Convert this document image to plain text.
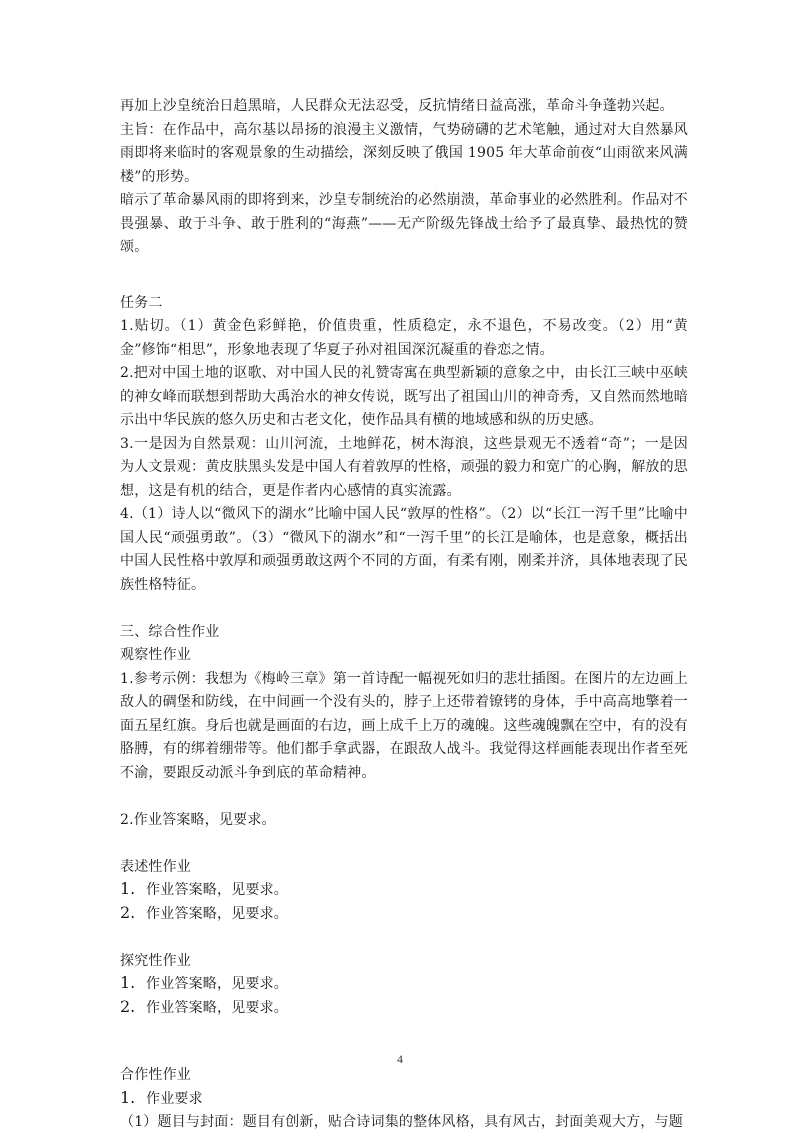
再加上沙皇统治日趋黑暗，人民群众无法忍受，反抗情绪日益高涨，革命斗争蓬勃兴起。

主旨：在作品中，高尔基以昂扬的浪漫主义激情，气势磅礴的艺术笔触，通过对大自然暴风雨即将来临时的客观景象的生动描绘，深刻反映了俄国 1905 年大革命前夜“山雨欲来风满楼”的形势。

暗示了革命暴风雨的即将到来，沙皇专制统治的必然崩溃，革命事业的必然胜利。作品对不畏强暴、敢于斗争、敢于胜利的“海燕”——无产阶级先锋战士给予了最真挚、最热忱的赞颂。

任务二

1.贴切。（1）黄金色彩鲜艳，价值贵重，性质稳定，永不退色，不易改变。（2）用“黄金”修饰“相思”，形象地表现了华夏子孙对祖国深沉凝重的眷恋之情。

2.把对中国土地的讴歌、对中国人民的礼赞寄寓在典型新颖的意象之中，由长江三峡中巫峡的神女峰而联想到帮助大禹治水的神女传说，既写出了祖国山川的神奇秀，又自然而然地暗示出中华民族的悠久历史和古老文化，使作品具有横的地域感和纵的历史感。

3.一是因为自然景观：山川河流，土地鲜花，树木海浪，这些景观无不透着“奇”；一是因为人文景观：黄皮肤黑头发是中国人有着敦厚的性格，顽强的毅力和宽广的心胸，解放的思想，这是有机的结合，更是作者内心感情的真实流露。

4.（1）诗人以“微风下的湖水”比喻中国人民“敦厚的性格”。（2）以“长江一泻千里”比喻中国人民“顽强勇敢”。（3）“微风下的湖水”和“一泻千里”的长江是喻体，也是意象，概括出中国人民性格中敦厚和顽强勇敢这两个不同的方面，有柔有刚，刚柔并济，具体地表现了民族性格特征。

三、综合性作业

观察性作业

1.参考示例：我想为《梅岭三章》第一首诗配一幅视死如归的悲壮插图。在图片的左边画上敌人的碉堡和防线，在中间画一个没有头的，脖子上还带着镣铐的身体，手中高高地擎着一面五星红旗。身后也就是画面的右边，画上成千上万的魂魄。这些魂魄飘在空中，有的没有胳膊，有的绑着绷带等。他们都手拿武器，在跟敌人战斗。我觉得这样画能表现出作者至死不渝，要跟反动派斗争到底的革命精神。

2.作业答案略，见要求。

表述性作业

1. 作业答案略，见要求。

2. 作业答案略，见要求。

探究性作业

1. 作业答案略，见要求。

2. 作业答案略，见要求。

合作性作业

1. 作业要求

（1）题目与封面：题目有创新，贴合诗词集的整体风格，具有风古，封面美观大方，与题

4
